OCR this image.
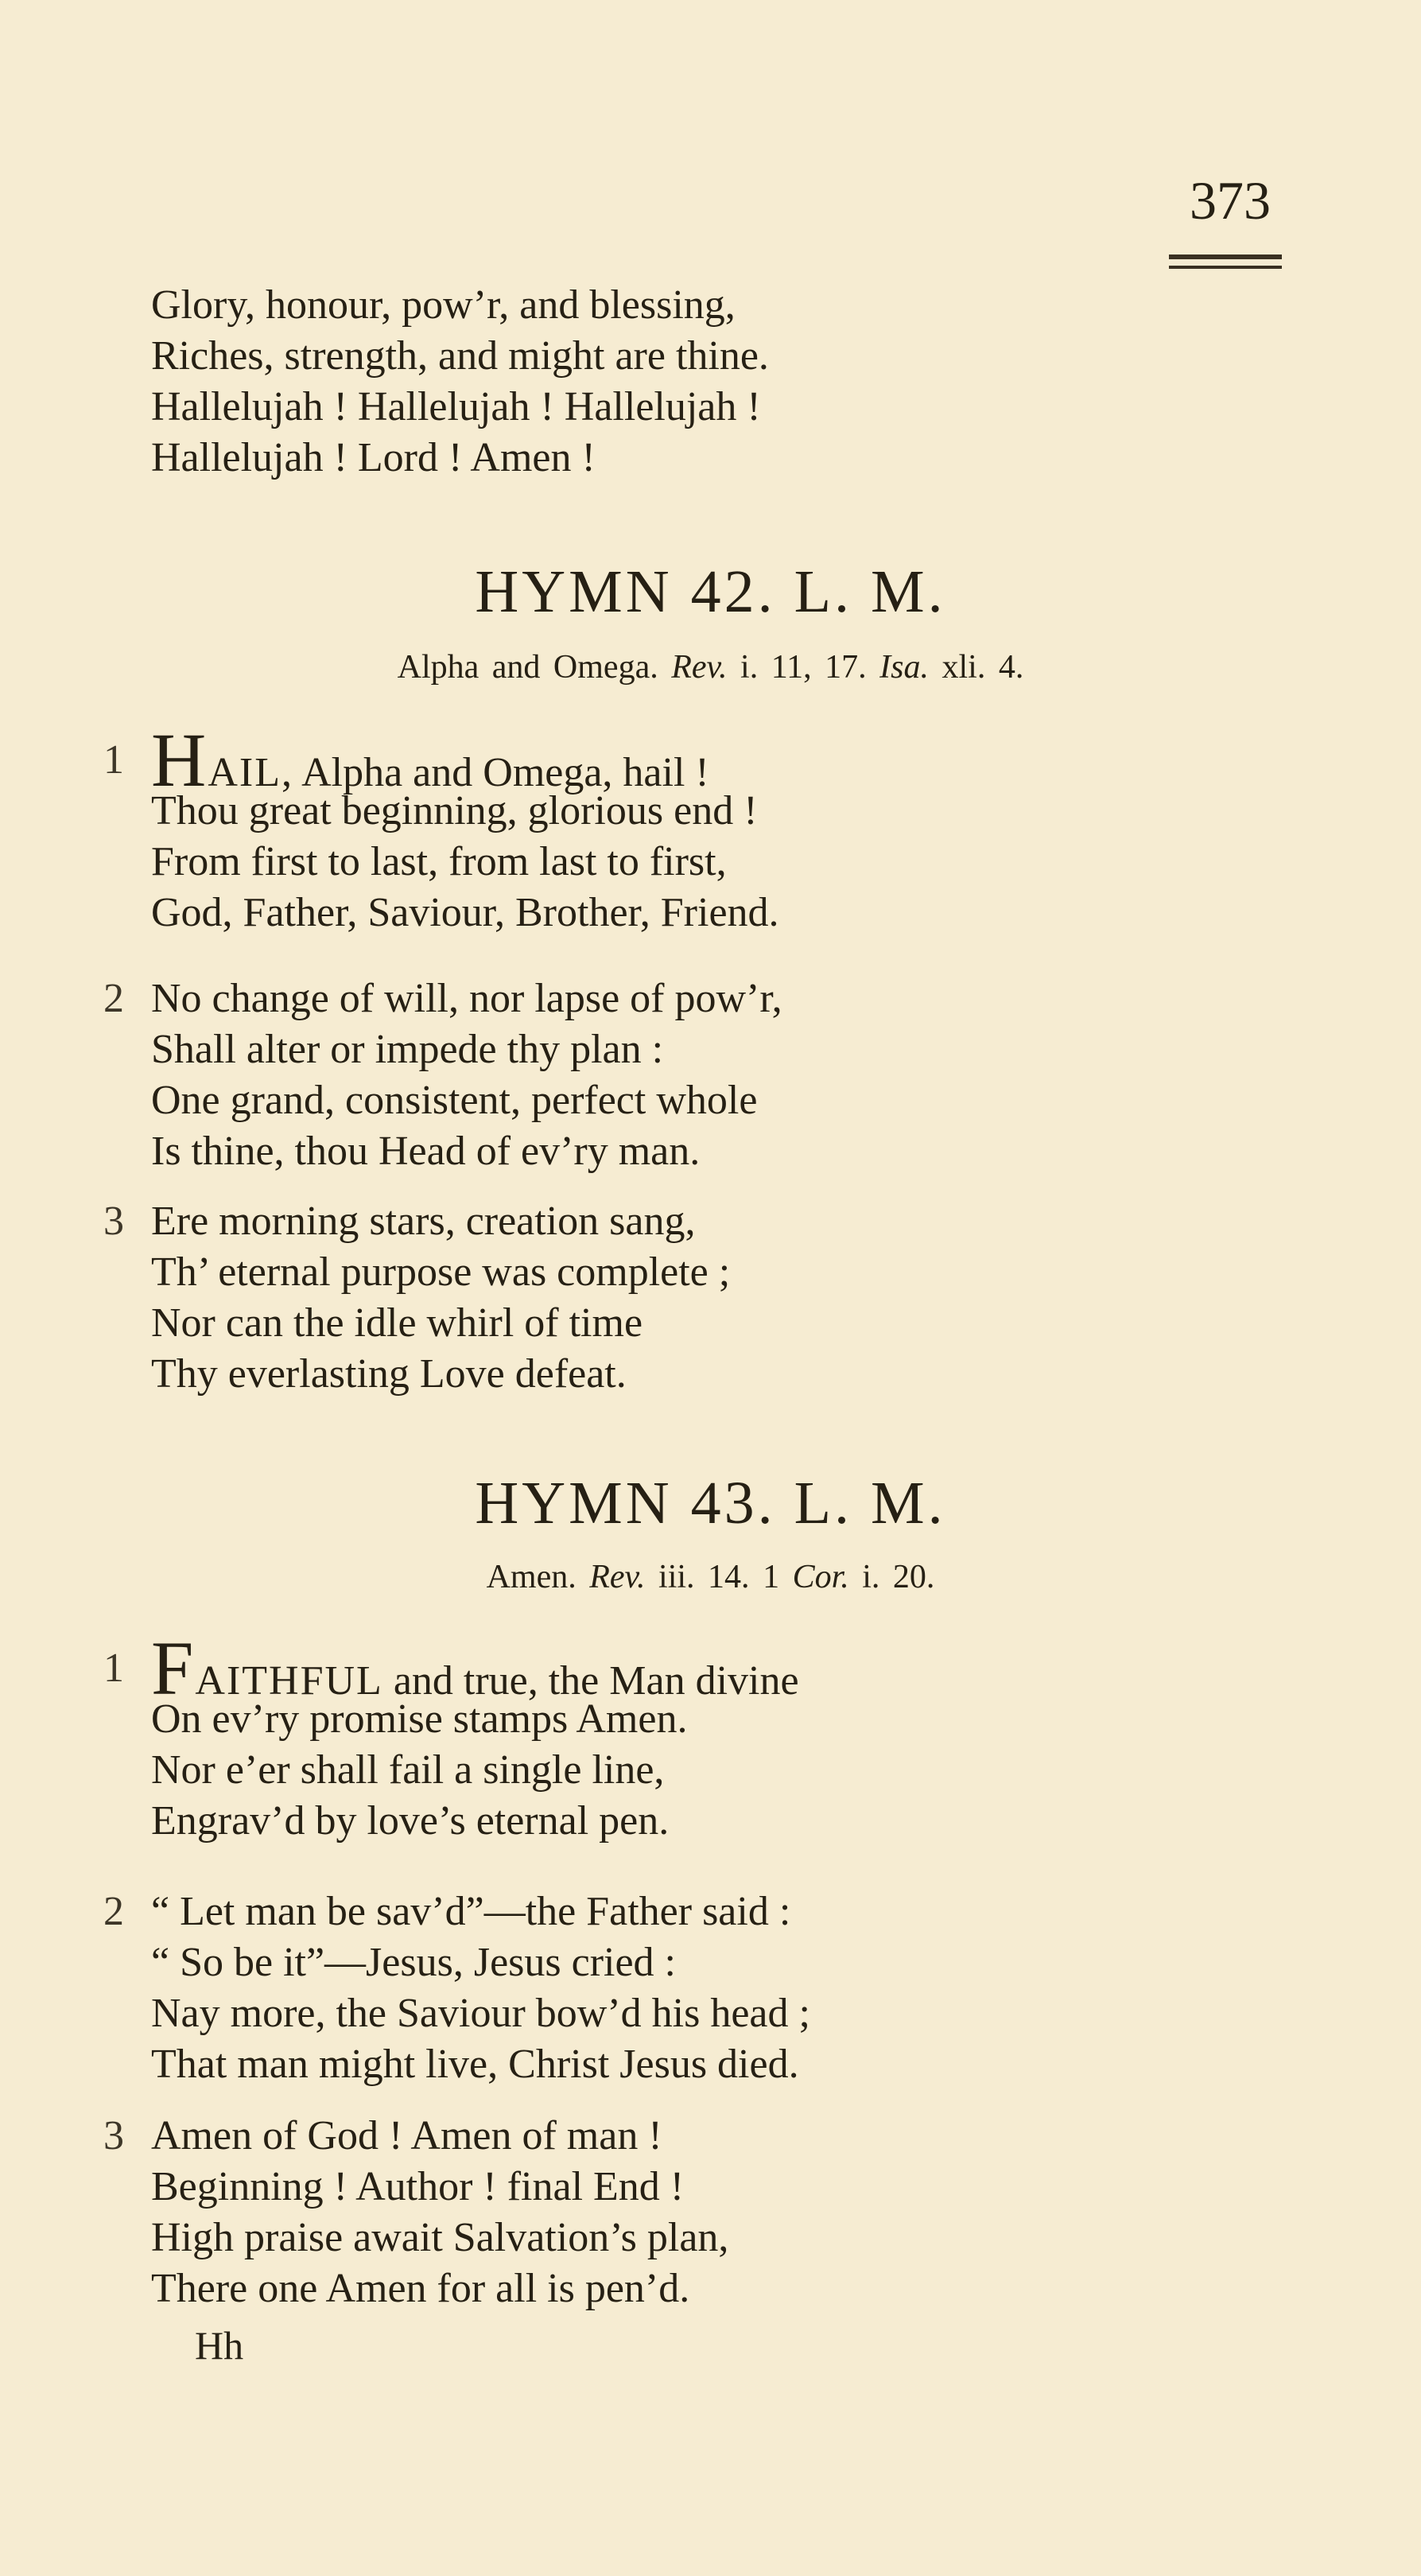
373
Glory, honour, pow’r, and blessing,
Riches, strength, and might are thine.
Hallelujah ! Hallelujah ! Hallelujah !
Hallelujah ! Lord ! Amen !
HYMN 42. L. M.
Alpha and Omega. Rev. i. 11, 17. Isa. xli. 4.
1 HAIL, Alpha and Omega, hail !
Thou great beginning, glorious end !
From first to last, from last to first,
God, Father, Saviour, Brother, Friend.
2 No change of will, nor lapse of pow’r,
Shall alter or impede thy plan :
One grand, consistent, perfect whole
Is thine, thou Head of ev’ry man.
3 Ere morning stars, creation sang,
Th’ eternal purpose was complete ;
Nor can the idle whirl of time
Thy everlasting Love defeat.
HYMN 43. L. M.
Amen. Rev. iii. 14. 1 Cor. i. 20.
1 FAITHFUL and true, the Man divine
On ev’ry promise stamps Amen.
Nor e’er shall fail a single line,
Engrav’d by love’s eternal pen.
2 “ Let man be sav’d”—the Father said :
“ So be it”—Jesus, Jesus cried :
Nay more, the Saviour bow’d his head ;
That man might live, Christ Jesus died.
3 Amen of God ! Amen of man !
Beginning ! Author ! final End !
High praise await Salvation’s plan,
There one Amen for all is pen’d.
Hh
